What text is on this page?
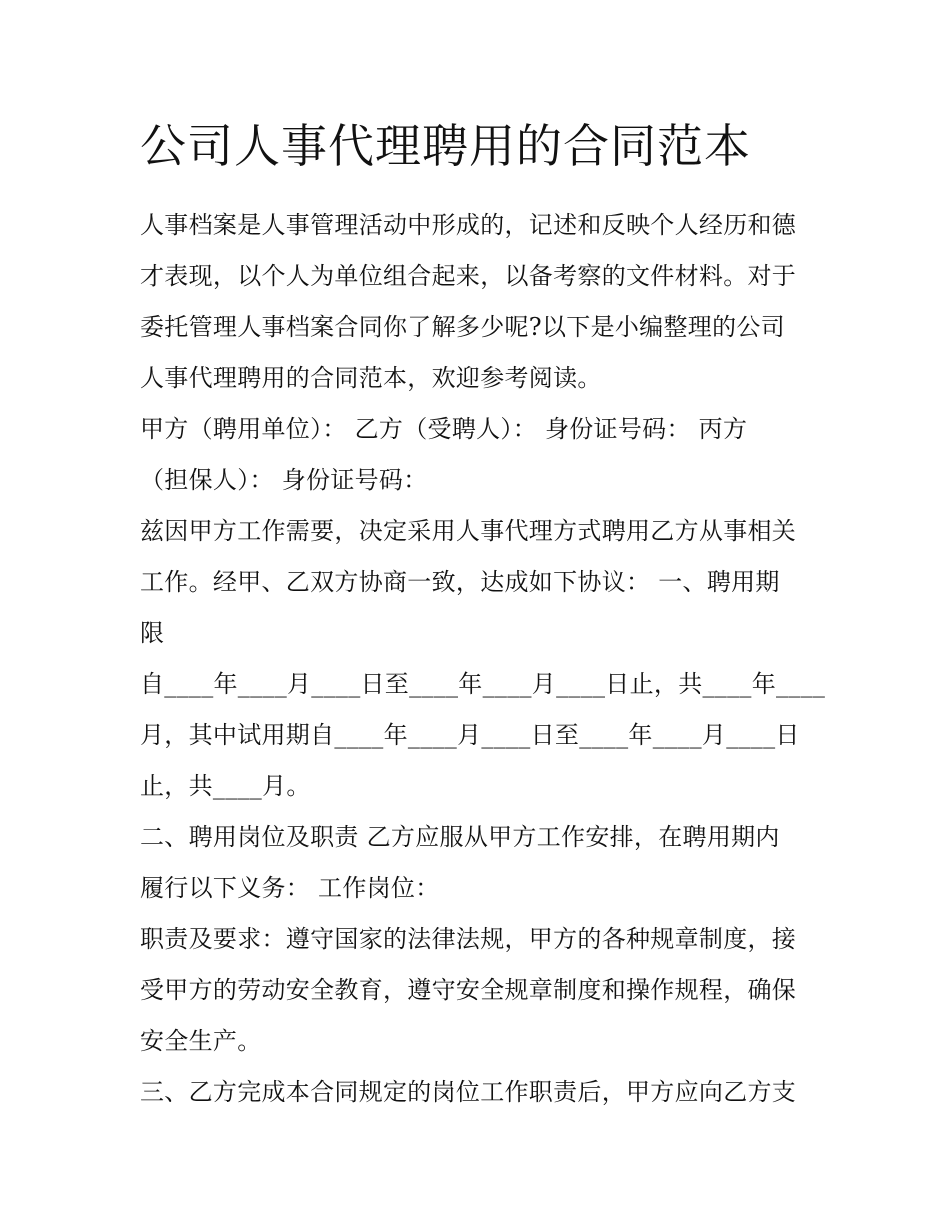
公司人事代理聘用的合同范本
人事档案是人事管理活动中形成的，记述和反映个人经历和德
才表现，以个人为单位组合起来，以备考察的文件材料。对于
委托管理人事档案合同你了解多少呢?以下是小编整理的公司
人事代理聘用的合同范本，欢迎参考阅读。
甲方（聘用单位）： 乙方（受聘人）： 身份证号码： 丙方
（担保人）： 身份证号码：
兹因甲方工作需要，决定采用人事代理方式聘用乙方从事相关
工作。经甲、乙双方协商一致，达成如下协议： 一、聘用期
限
自____年____月____日至____年____月____日止，共____年____
月，其中试用期自____年____月____日至____年____月____日
止，共____月。
二、聘用岗位及职责 乙方应服从甲方工作安排，在聘用期内
履行以下义务： 工作岗位：
职责及要求：遵守国家的法律法规，甲方的各种规章制度，接
受甲方的劳动安全教育，遵守安全规章制度和操作规程，确保
安全生产。
三、乙方完成本合同规定的岗位工作职责后，甲方应向乙方支
